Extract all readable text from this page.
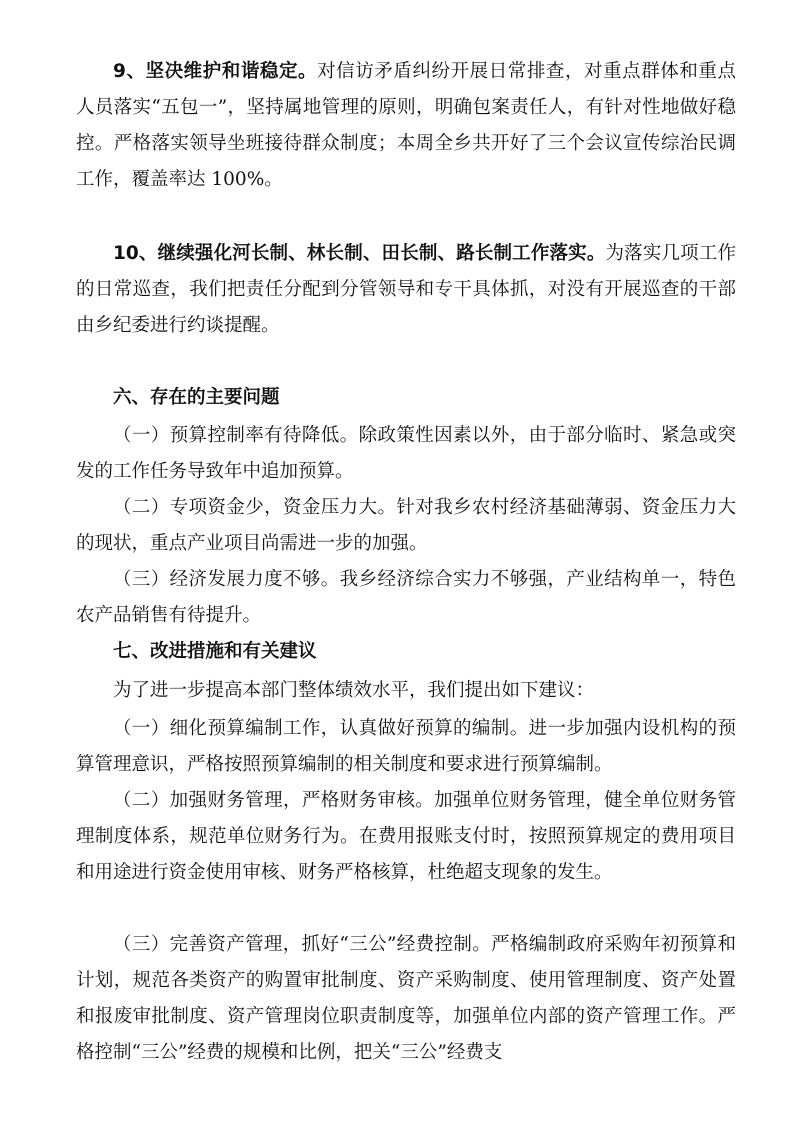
9、坚决维护和谐稳定。对信访矛盾纠纷开展日常排查，对重点群体和重点人员落实“五包一”，坚持属地管理的原则，明确包案责任人，有针对性地做好稳控。严格落实领导坐班接待群众制度；本周全乡共开好了三个会议宣传综治民调工作，覆盖率达 100%。

10、继续强化河长制、林长制、田长制、路长制工作落实。为落实几项工作的日常巡查，我们把责任分配到分管领导和专干具体抓，对没有开展巡查的干部由乡纪委进行约谈提醒。

六、存在的主要问题

（一）预算控制率有待降低。除政策性因素以外，由于部分临时、紧急或突发的工作任务导致年中追加预算。

（二）专项资金少，资金压力大。针对我乡农村经济基础薄弱、资金压力大的现状，重点产业项目尚需进一步的加强。

（三）经济发展力度不够。我乡经济综合实力不够强，产业结构单一，特色农产品销售有待提升。

七、改进措施和有关建议

为了进一步提高本部门整体绩效水平，我们提出如下建议：

（一）细化预算编制工作，认真做好预算的编制。进一步加强内设机构的预算管理意识，严格按照预算编制的相关制度和要求进行预算编制。

（二）加强财务管理，严格财务审核。加强单位财务管理，健全单位财务管理制度体系，规范单位财务行为。在费用报账支付时，按照预算规定的费用项目和用途进行资金使用审核、财务严格核算，杜绝超支现象的发生。

（三）完善资产管理，抓好“三公”经费控制。严格编制政府采购年初预算和计划，规范各类资产的购置审批制度、资产采购制度、使用管理制度、资产处置和报废审批制度、资产管理岗位职责制度等，加强单位内部的资产管理工作。严格控制“三公”经费的规模和比例，把关“三公”经费支
